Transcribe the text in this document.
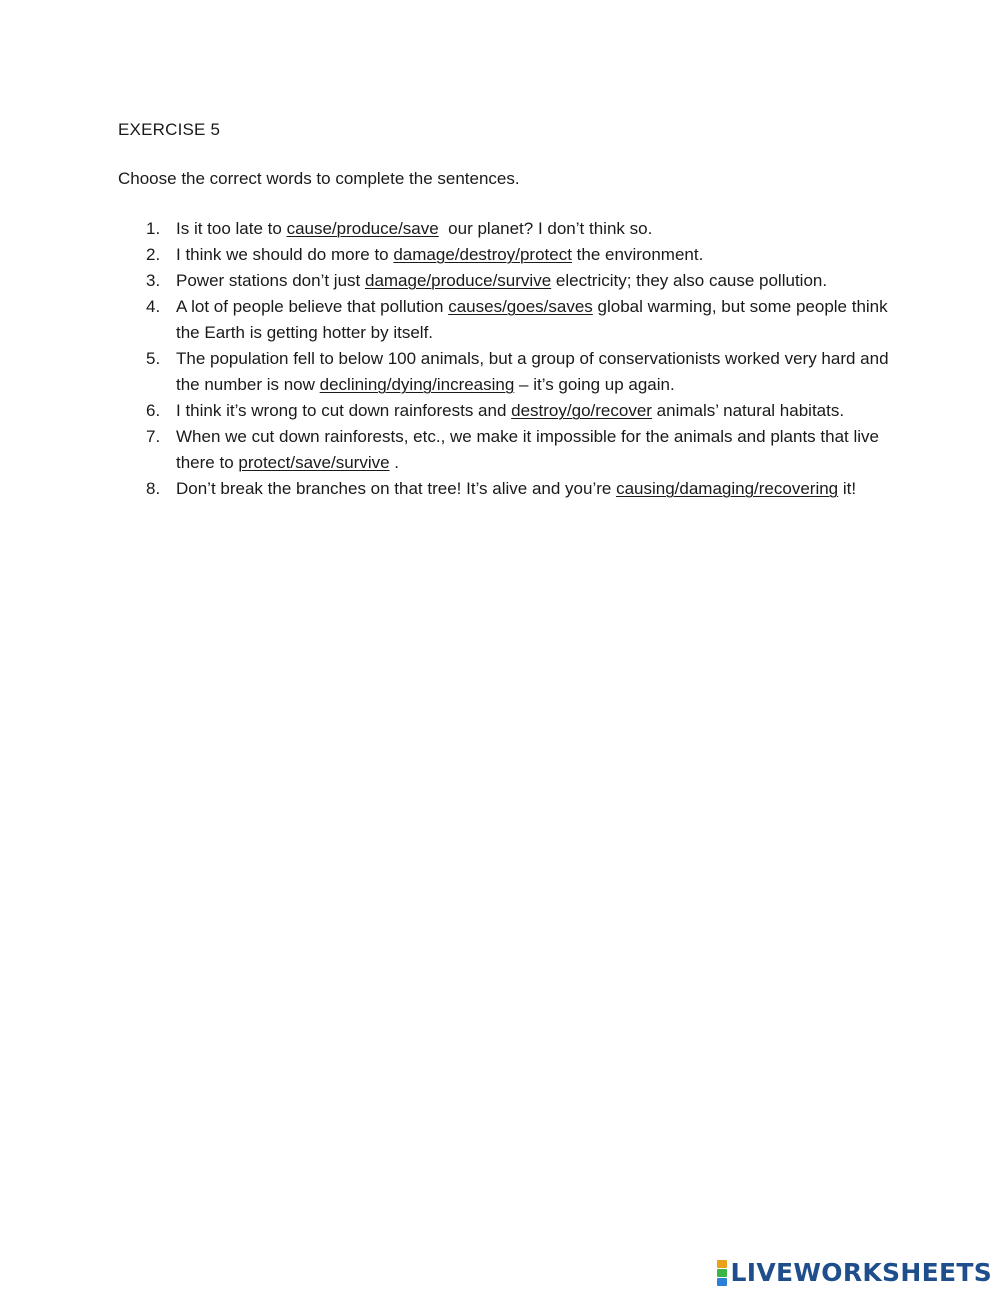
EXERCISE 5
Choose the correct words to complete the sentences.
1. Is it too late to cause/produce/save  our planet? I don’t think so.
2. I think we should do more to damage/destroy/protect the environment.
3. Power stations don’t just damage/produce/survive electricity; they also cause pollution.
4. A lot of people believe that pollution causes/goes/saves global warming, but some people think the Earth is getting hotter by itself.
5. The population fell to below 100 animals, but a group of conservationists worked very hard and the number is now declining/dying/increasing – it’s going up again.
6. I think it’s wrong to cut down rainforests and destroy/go/recover animals’ natural habitats.
7. When we cut down rainforests, etc., we make it impossible for the animals and plants that live there to protect/save/survive .
8. Don’t break the branches on that tree! It’s alive and you’re causing/damaging/recovering it!
LIVEWORKSHEETS
